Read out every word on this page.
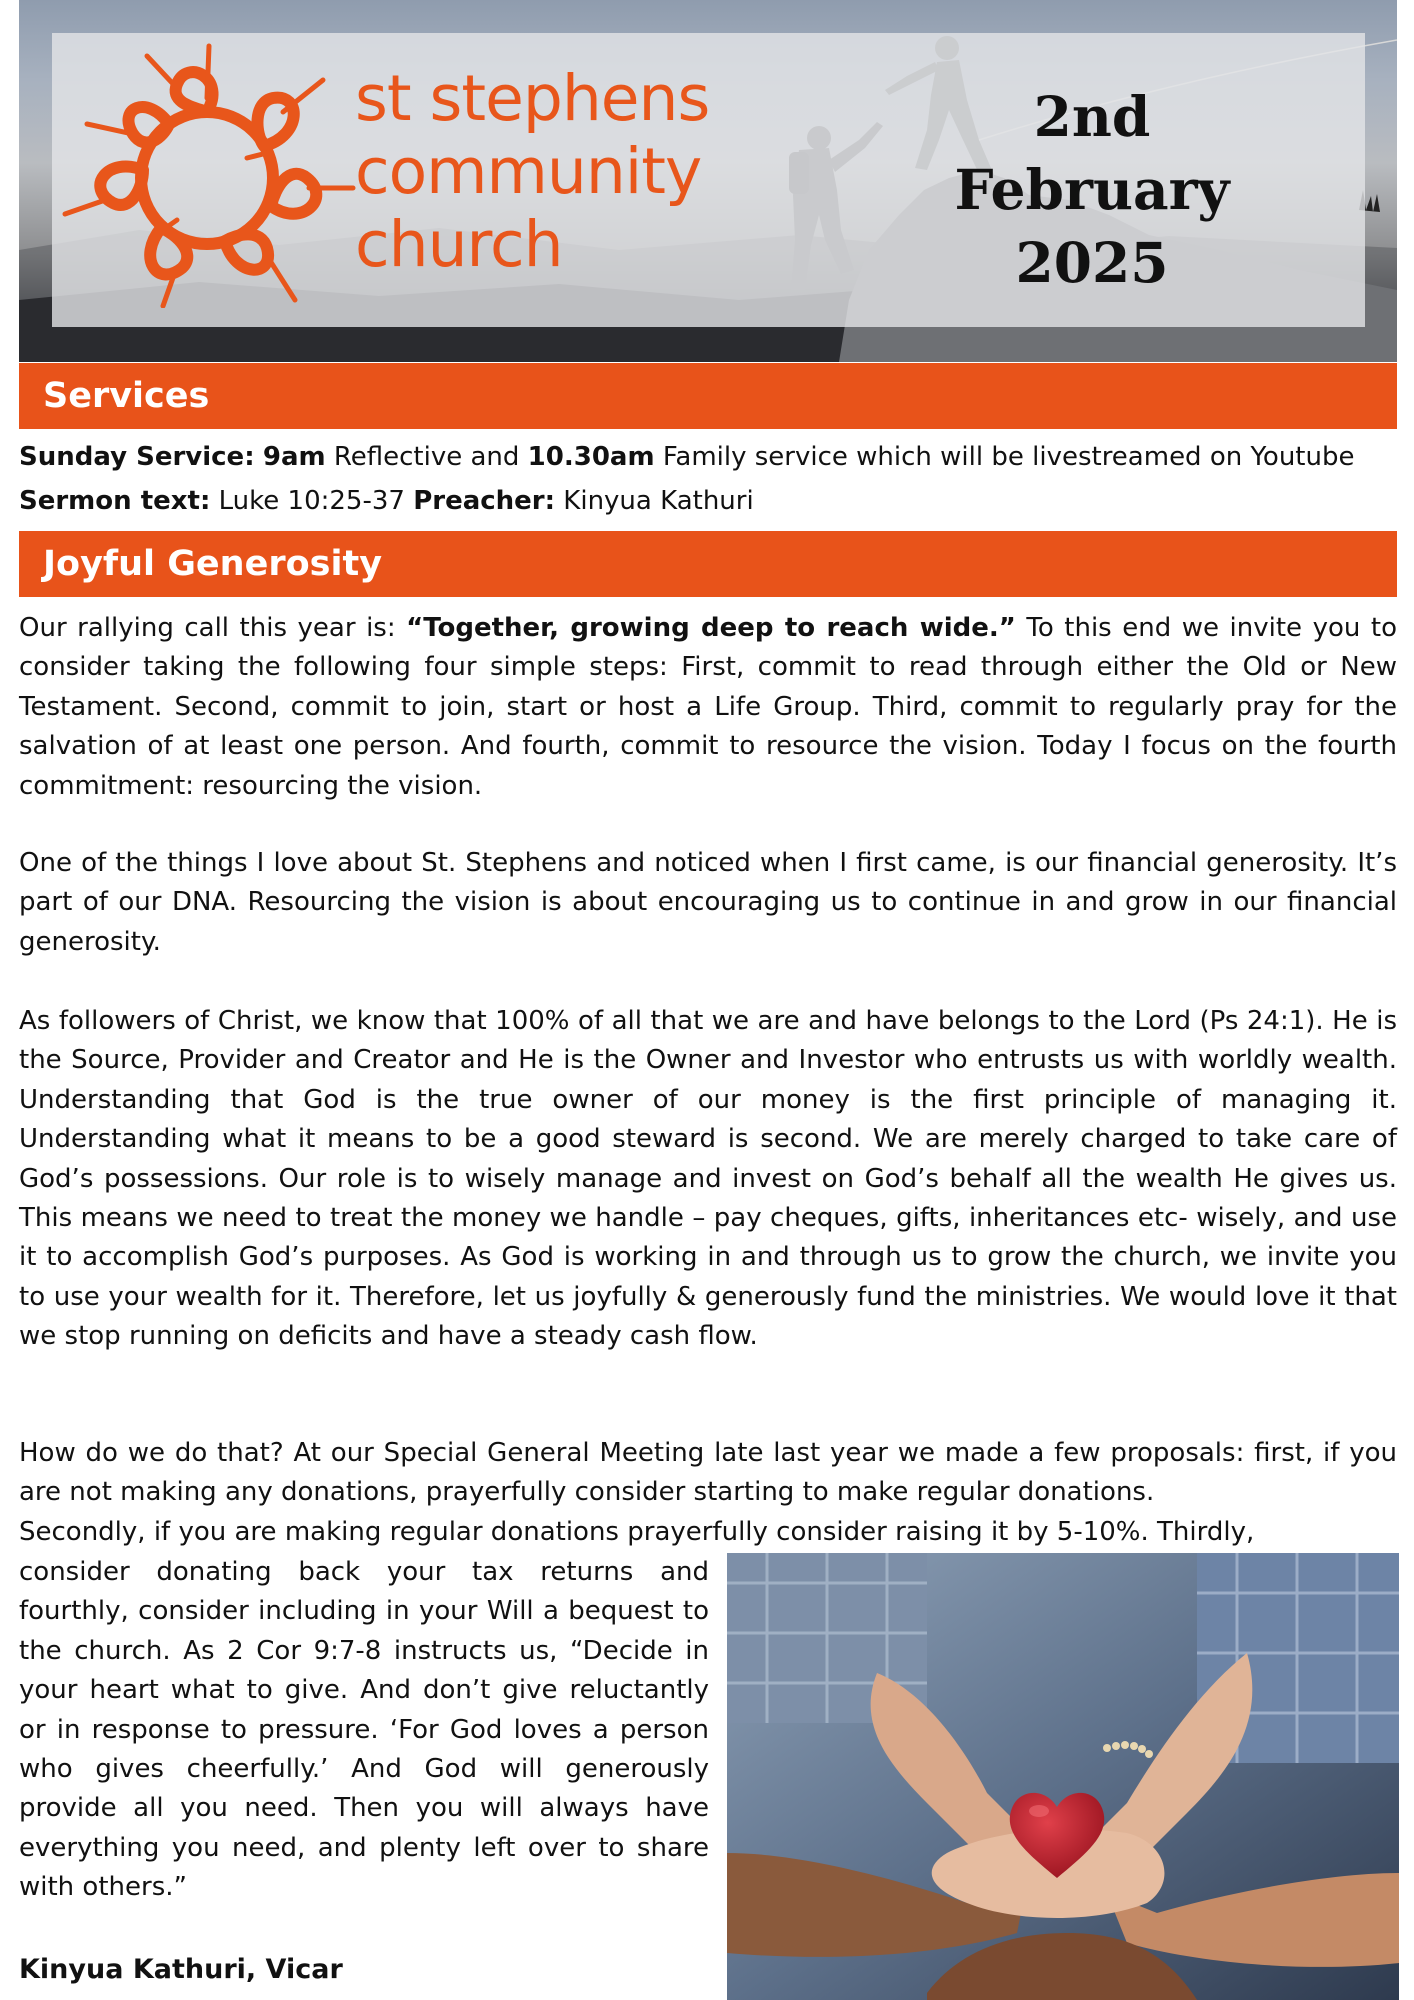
st stephens
community
church
2nd
February
2025
Services
Sunday Service: 9am Reflective and 10.30am Family service which will be livestreamed on Youtube
Sermon text: Luke 10:25-37 Preacher: Kinyua Kathuri
Joyful Generosity
Our rallying call this year is: “Together, growing deep to reach wide.” To this end we invite you to consider taking the following four simple steps: First, commit to read through either the Old or New Testament. Second, commit to join, start or host a Life Group. Third, commit to regularly pray for the salvation of at least one person. And fourth, commit to resource the vision. Today I focus on the fourth commitment: resourcing the vision.
One of the things I love about St. Stephens and noticed when I first came, is our financial generosity. It’s part of our DNA. Resourcing the vision is about encouraging us to continue in and grow in our financial generosity.
As followers of Christ, we know that 100% of all that we are and have belongs to the Lord (Ps 24:1). He is the Source, Provider and Creator and He is the Owner and Investor who entrusts us with worldly wealth. Understanding that God is the true owner of our money is the first principle of managing it. Understanding what it means to be a good steward is second. We are merely charged to take care of God’s possessions. Our role is to wisely manage and invest on God’s behalf all the wealth He gives us. This means we need to treat the money we handle – pay cheques, gifts, inheritances etc- wisely, and use it to accomplish God’s purposes. As God is working in and through us to grow the church, we invite you to use your wealth for it. Therefore, let us joyfully & generously fund the ministries. We would love it that we stop running on deficits and have a steady cash flow.
How do we do that? At our Special General Meeting late last year we made a few proposals: first, if you are not making any donations, prayerfully consider starting to make regular donations.
Secondly, if you are making regular donations prayerfully consider raising it by 5-10%. Thirdly,
consider donating back your tax returns and fourthly, consider including in your Will a bequest to the church. As 2 Cor 9:7-8 instructs us, “Decide in your heart what to give. And don’t give reluctantly or in response to pressure. ‘For God loves a person who gives cheerfully.’ And God will generously provide all you need. Then you will always have everything you need, and plenty left over to share with others.”
Kinyua Kathuri, Vicar
